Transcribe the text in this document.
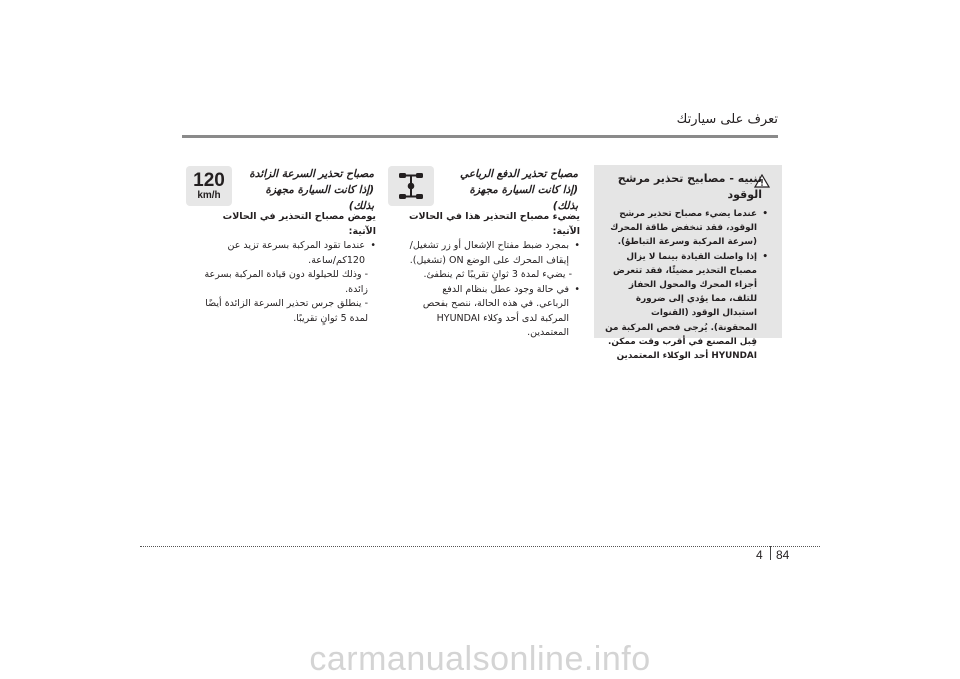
تعرف على سيارتك
تنبيه - مصابيح تحذير مرشح الوقود

• عندما يضيء مصباح تحذير مرشح الوقود، فقد تنخفض طاقة المحرك (سرعة المركبة وسرعة التباطؤ).

• إذا واصلت القيادة بينما لا يزال مصباح التحذير مضيئًا، فقد تتعرض أجزاء المحرك والمحول الحفاز للتلف، مما يؤدي إلى ضرورة استبدال الوقود (القنوات المحقونة). يُرجى فحص المركبة من قِبل المصنع في أقرب وقت ممكن. HYUNDAI أحد الوكلاء المعتمدين

مصباح تحذير الدفع الرباعي (إذا كانت السيارة مجهزة بذلك)

يضيء مصباح التحذير هذا في الحالات الآتية:

• بمجرد ضبط مفتاح الإشعال أو زر تشغيل/إيقاف المحرك على الوضع ON (تشغيل).

- يضيء لمدة 3 ثوانٍ تقريبًا ثم ينطفئ.

• في حالة وجود عطل بنظام الدفع الرباعي. في هذه الحالة، ننصح بفحص المركبة لدى أحد وكلاء HYUNDAI المعتمدين.

120
km/h
مصباح تحذير السرعة الزائدة (إذا كانت السيارة مجهزة بذلك)

يومض مصباح التحذير في الحالات الآتية:

• عندما تقود المركبة بسرعة تزيد عن 120كم/ساعة.

- وذلك للحيلولة دون قيادة المركبة بسرعة زائدة.

- ينطلق جرس تحذير السرعة الزائدة أيضًا لمدة 5 ثوانٍ تقريبًا.

4 84
carmanualsonline.info
